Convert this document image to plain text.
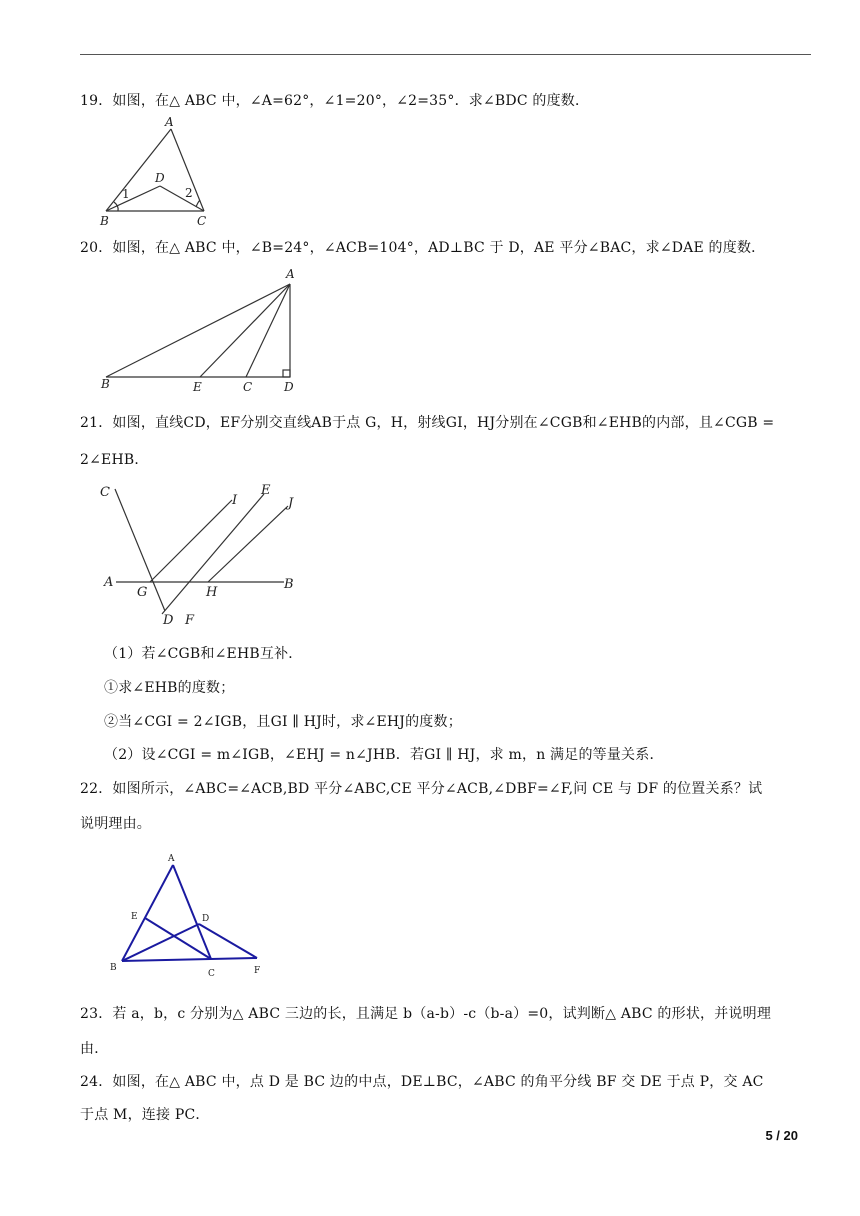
19．如图，在△ ABC 中，∠A=62°，∠1=20°，∠2=35°．求∠BDC 的度数．
A
B	C
D
1	2
20．如图，在△ ABC 中，∠B=24°，∠ACB=104°，AD⊥BC 于 D，AE 平分∠BAC，求∠DAE 的度数．
A
B	E	C	D
21．如图，直线CD，EF分别交直线AB于点 G，H，射线GI，HJ分别在∠CGB和∠EHB的内部，且∠CGB =
2∠EHB．
C
A	B
G	H
D F
I
E
J
（1）若∠CGB和∠EHB互补．
①求∠EHB的度数；
②当∠CGI = 2∠IGB，且GI ∥ HJ时，求∠EHJ的度数；
（2）设∠CGI = m∠IGB，∠EHJ = n∠JHB．若GI ∥ HJ，求 m，n 满足的等量关系．
22．如图所示，∠ABC=∠ACB,BD 平分∠ABC,CE 平分∠ACB,∠DBF=∠F,问 CE 与 DF 的位置关系？试
说明理由。
A
E	D
B
C	F
23．若 a，b，c 分别为△ ABC 三边的长，且满足 b（a-b）-c（b-a）=0，试判断△ ABC 的形状，并说明理
由．
24．如图，在△ ABC 中，点 D 是 BC 边的中点，DE⊥BC，∠ABC 的角平分线 BF 交 DE 于点 P，交 AC
于点 M，连接 PC．
5 / 20
